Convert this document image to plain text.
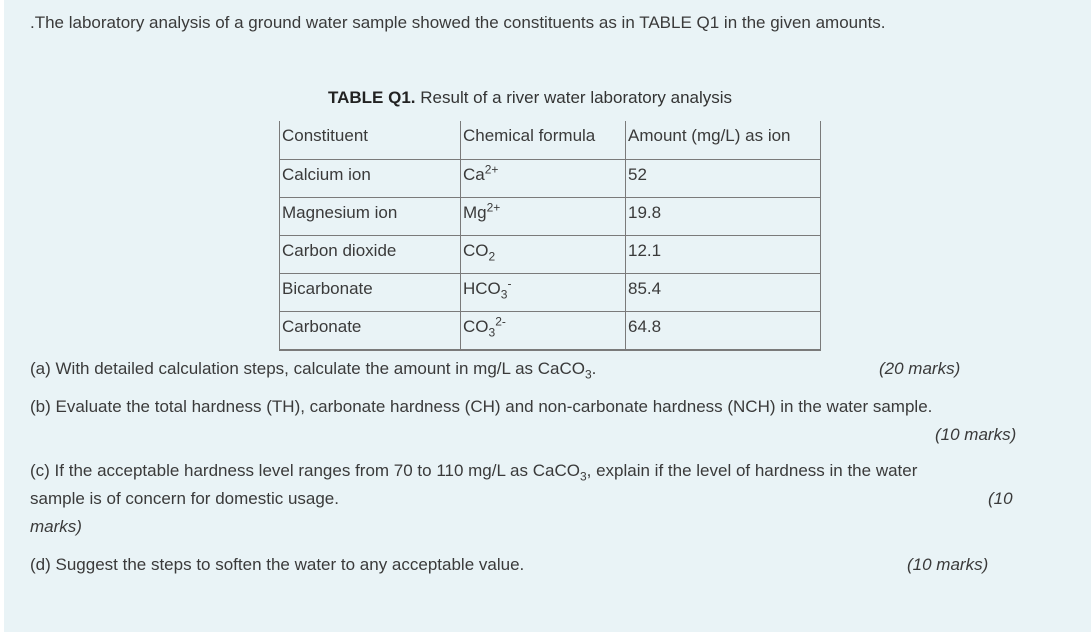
.The laboratory analysis of a ground water sample showed the constituents as in TABLE Q1 in the given amounts.
TABLE Q1. Result of a river water laboratory analysis
Constituent	Chemical formula	Amount (mg/L) as ion
Calcium ion	$Ca^{2+}$	52
Magnesium ion	$Mg^{2+}$	19.8
Carbon dioxide	$CO_2$	12.1
Bicarbonate	$HCO_3^-$	85.4
Carbonate	$CO_3^{2-}$	64.8
(a) With detailed calculation steps, calculate the amount in mg/L as CaCO$_3$.	(20 marks)
(b) Evaluate the total hardness (TH), carbonate hardness (CH) and non-carbonate hardness (NCH) in the water sample.
(10 marks)
(c) If the acceptable hardness level ranges from 70 to 110 mg/L as CaCO$_3$, explain if the level of hardness in the water
sample is of concern for domestic usage.	(10
marks)
(d) Suggest the steps to soften the water to any acceptable value.	(10 marks)
